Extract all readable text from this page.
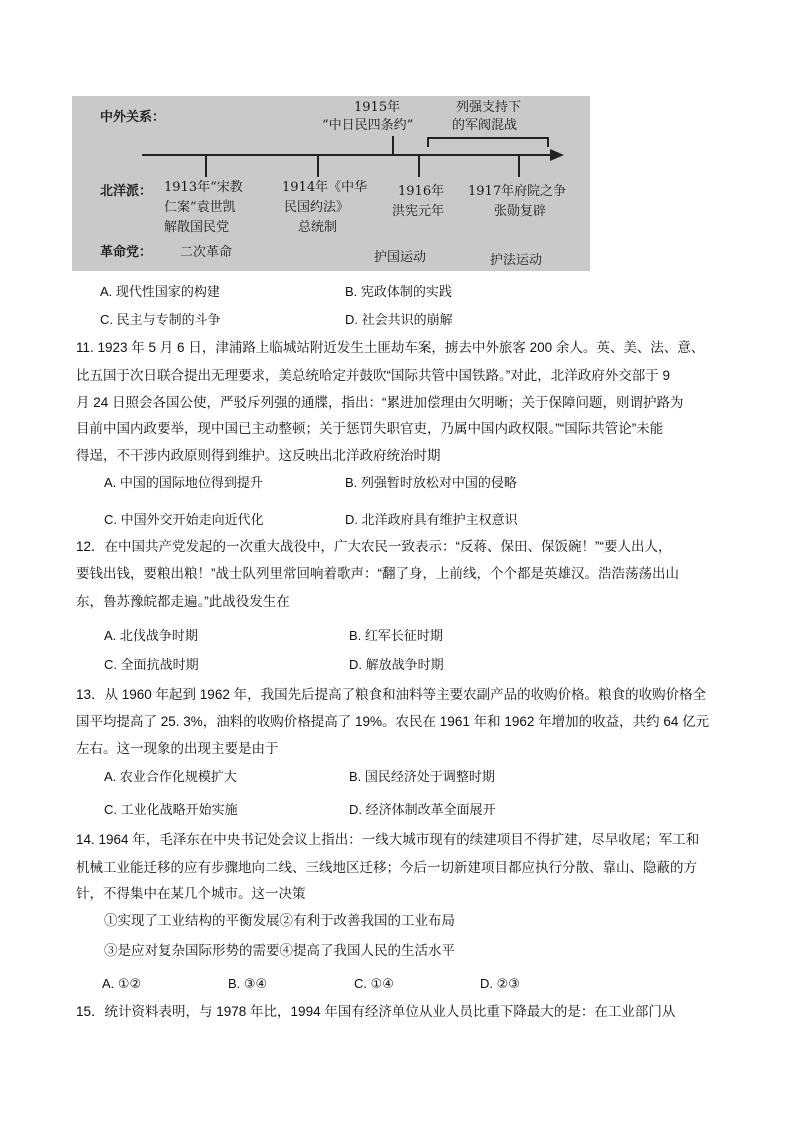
中外关系：
1915年
“中日民四条约”
列强支持下
的军阀混战
北洋派： 1913年“宋教
仁案”袁世凯
解散国民党
1914年《中华
民国约法》
总统制
1916年
洪宪元年
1917年府院之争
张勋复辟
革命党： 二次革命	护国运动	护法运动
A. 现代性国家的构建	B. 宪政体制的实践
C. 民主与专制的斗争	D. 社会共识的崩解
11. 1923 年 5 月 6 日，津浦路上临城站附近发生土匪劫车案，掳去中外旅客 200 余人。英、美、法、意、
比五国于次日联合提出无理要求，美总统哈定并鼓吹“国际共管中国铁路。”对此，北洋政府外交部于 9
月 24 日照会各国公使，严驳斥列强的通牒，指出：“累进加偿理由欠明晰；关于保障问题，则谓护路为
目前中国内政要举，现中国已主动整顿；关于惩罚失职官吏，乃属中国内政权限。”“国际共管论”未能
得逞，不干涉内政原则得到维护。这反映出北洋政府统治时期
A. 中国的国际地位得到提升	B. 列强暂时放松对中国的侵略
C. 中国外交开始走向近代化	D. 北洋政府具有维护主权意识
12．在中国共产党发起的一次重大战役中，广大农民一致表示：“反蒋、保田、保饭碗！”“要人出人，
要钱出钱，要粮出粮！”战士队列里常回响着歌声：“翻了身，上前线，个个都是英雄汉。浩浩荡荡出山
东，鲁苏豫皖都走遍。”此战役发生在
A. 北伐战争时期	B. 红军长征时期
C. 全面抗战时期	D. 解放战争时期
13．从 1960 年起到 1962 年，我国先后提高了粮食和油料等主要农副产品的收购价格。粮食的收购价格全
国平均提高了 25. 3%，油料的收购价格提高了 19%。农民在 1961 年和 1962 年增加的收益，共约 64 亿元
左右。这一现象的出现主要是由于
A. 农业合作化规模扩大	B. 国民经济处于调整时期
C. 工业化战略开始实施	D. 经济体制改革全面展开
14. 1964 年，毛泽东在中央书记处会议上指出：一线大城市现有的续建项目不得扩建，尽早收尾；军工和
机械工业能迁移的应有步骤地向二线、三线地区迁移；今后一切新建项目都应执行分散、靠山、隐蔽的方
针，不得集中在某几个城市。这一决策
①实现了工业结构的平衡发展②有利于改善我国的工业布局
③是应对复杂国际形势的需要④提高了我国人民的生活水平
A. ①②	B. ③④	C. ①④	D. ②③
15．统计资料表明，与 1978 年比，1994 年国有经济单位从业人员比重下降最大的是：在工业部门从
